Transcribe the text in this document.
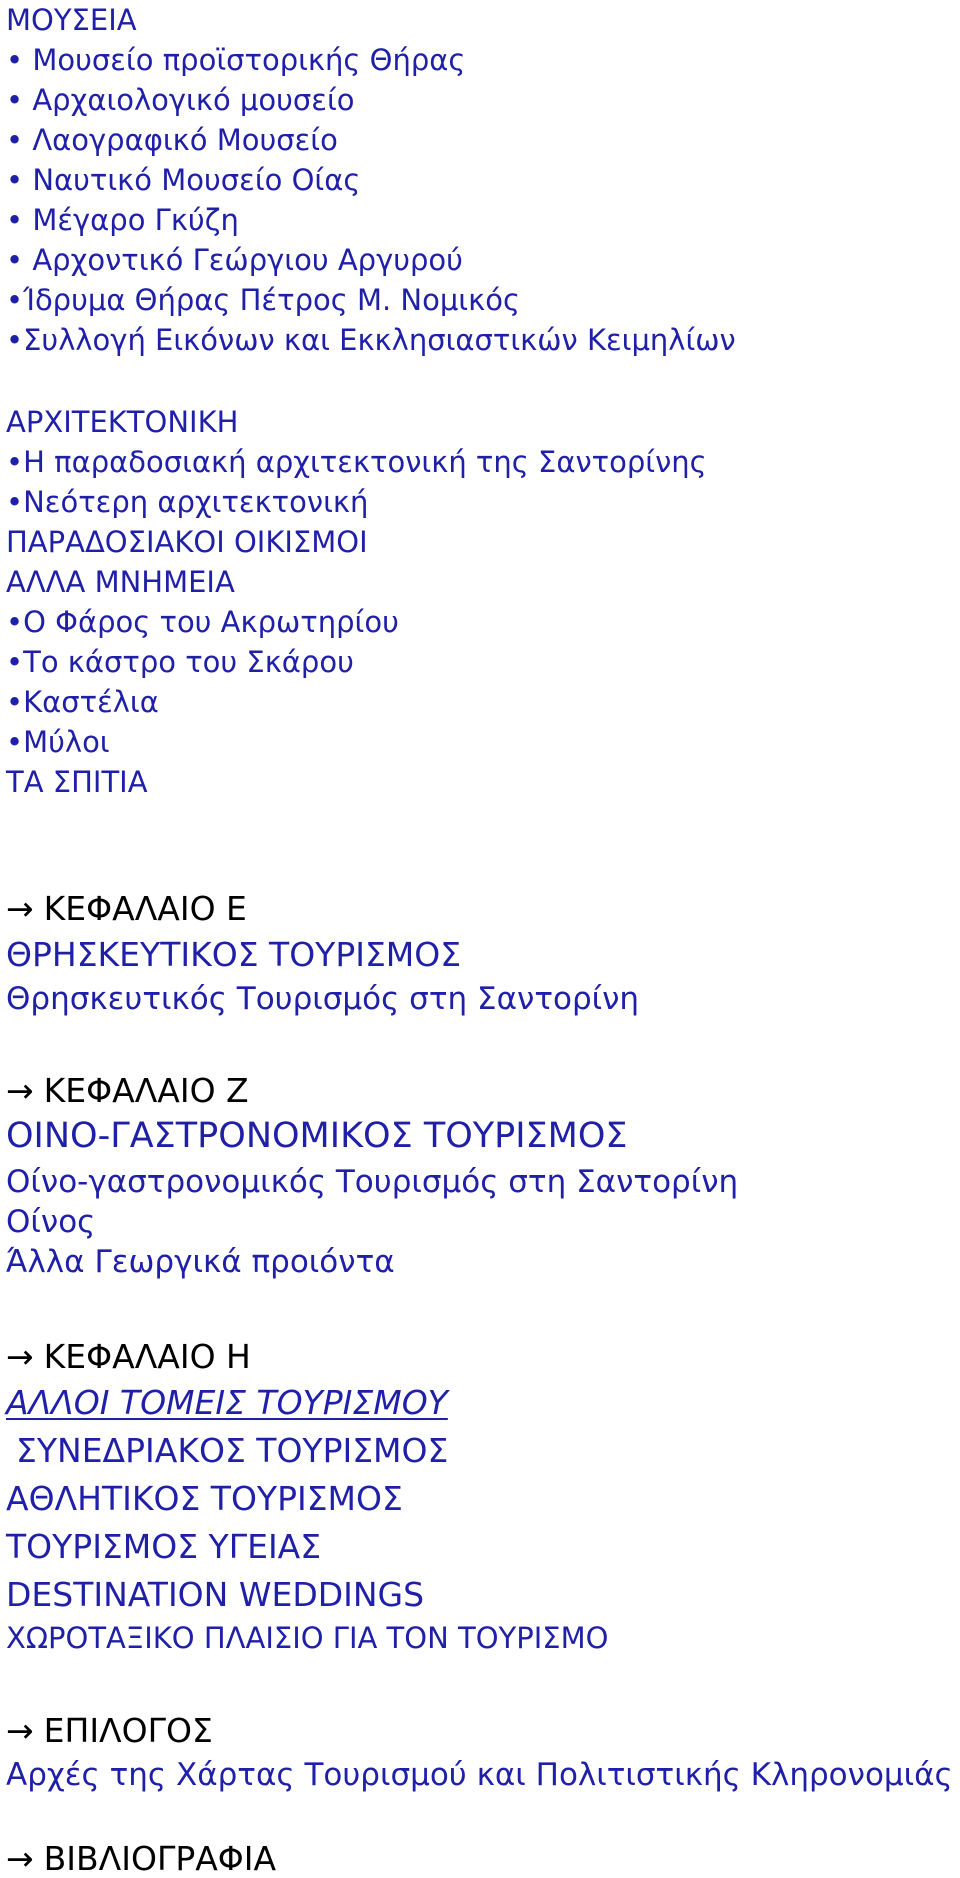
ΜΟΥΣΕΙΑ
• Μουσείο προϊστορικής Θήρας
• Αρχαιολογικό μουσείο
• Λαογραφικό Μουσείο
• Ναυτικό Μουσείο Οίας
• Μέγαρο Γκύζη
• Αρχοντικό Γεώργιου Αργυρού
•Ίδρυμα Θήρας Πέτρος Μ. Νομικός
•Συλλογή Εικόνων και Εκκλησιαστικών Κειμηλίων
ΑΡΧΙΤΕΚΤΟΝΙΚΗ
•Η παραδοσιακή αρχιτεκτονική της Σαντορίνης
•Νεότερη αρχιτεκτονική
ΠΑΡΑΔΟΣΙΑΚΟΙ ΟΙΚΙΣΜΟΙ
ΑΛΛΑ ΜΝΗΜΕΙΑ
•Ο Φάρος του Ακρωτηρίου
•Το κάστρο του Σκάρου
•Καστέλια
•Μύλοι
ΤΑ ΣΠΙΤΙΑ
→ ΚΕΦΑΛΑΙΟ Ε
ΘΡΗΣΚΕΥΤΙΚΟΣ ΤΟΥΡΙΣΜΟΣ
Θρησκευτικός Τουρισμός στη Σαντορίνη
→ ΚΕΦΑΛΑΙΟ Ζ
ΟΙΝΟ-ΓΑΣΤΡΟΝΟΜΙΚΟΣ ΤΟΥΡΙΣΜΟΣ
Οίνο-γαστρονομικός Τουρισμός στη Σαντορίνη
Οίνος
Άλλα Γεωργικά προιόντα
→ ΚΕΦΑΛΑΙΟ Η
ΑΛΛΟΙ ΤΟΜΕΙΣ ΤΟΥΡΙΣΜΟΥ
ΣΥΝΕΔΡΙΑΚΟΣ ΤΟΥΡΙΣΜΟΣ
ΑΘΛΗΤΙΚΟΣ ΤΟΥΡΙΣΜΟΣ
ΤΟΥΡΙΣΜΟΣ ΥΓΕΙΑΣ
DESTINATION WEDDINGS
ΧΩΡΟΤΑΞΙΚΟ ΠΛΑΙΣΙΟ ΓΙΑ ΤΟΝ ΤΟΥΡΙΣΜΟ
→ ΕΠΙΛΟΓΟΣ
Αρχές της Χάρτας Τουρισμού και Πολιτιστικής Κληρονομιάς
→ ΒΙΒΛΙΟΓΡΑΦΙΑ
